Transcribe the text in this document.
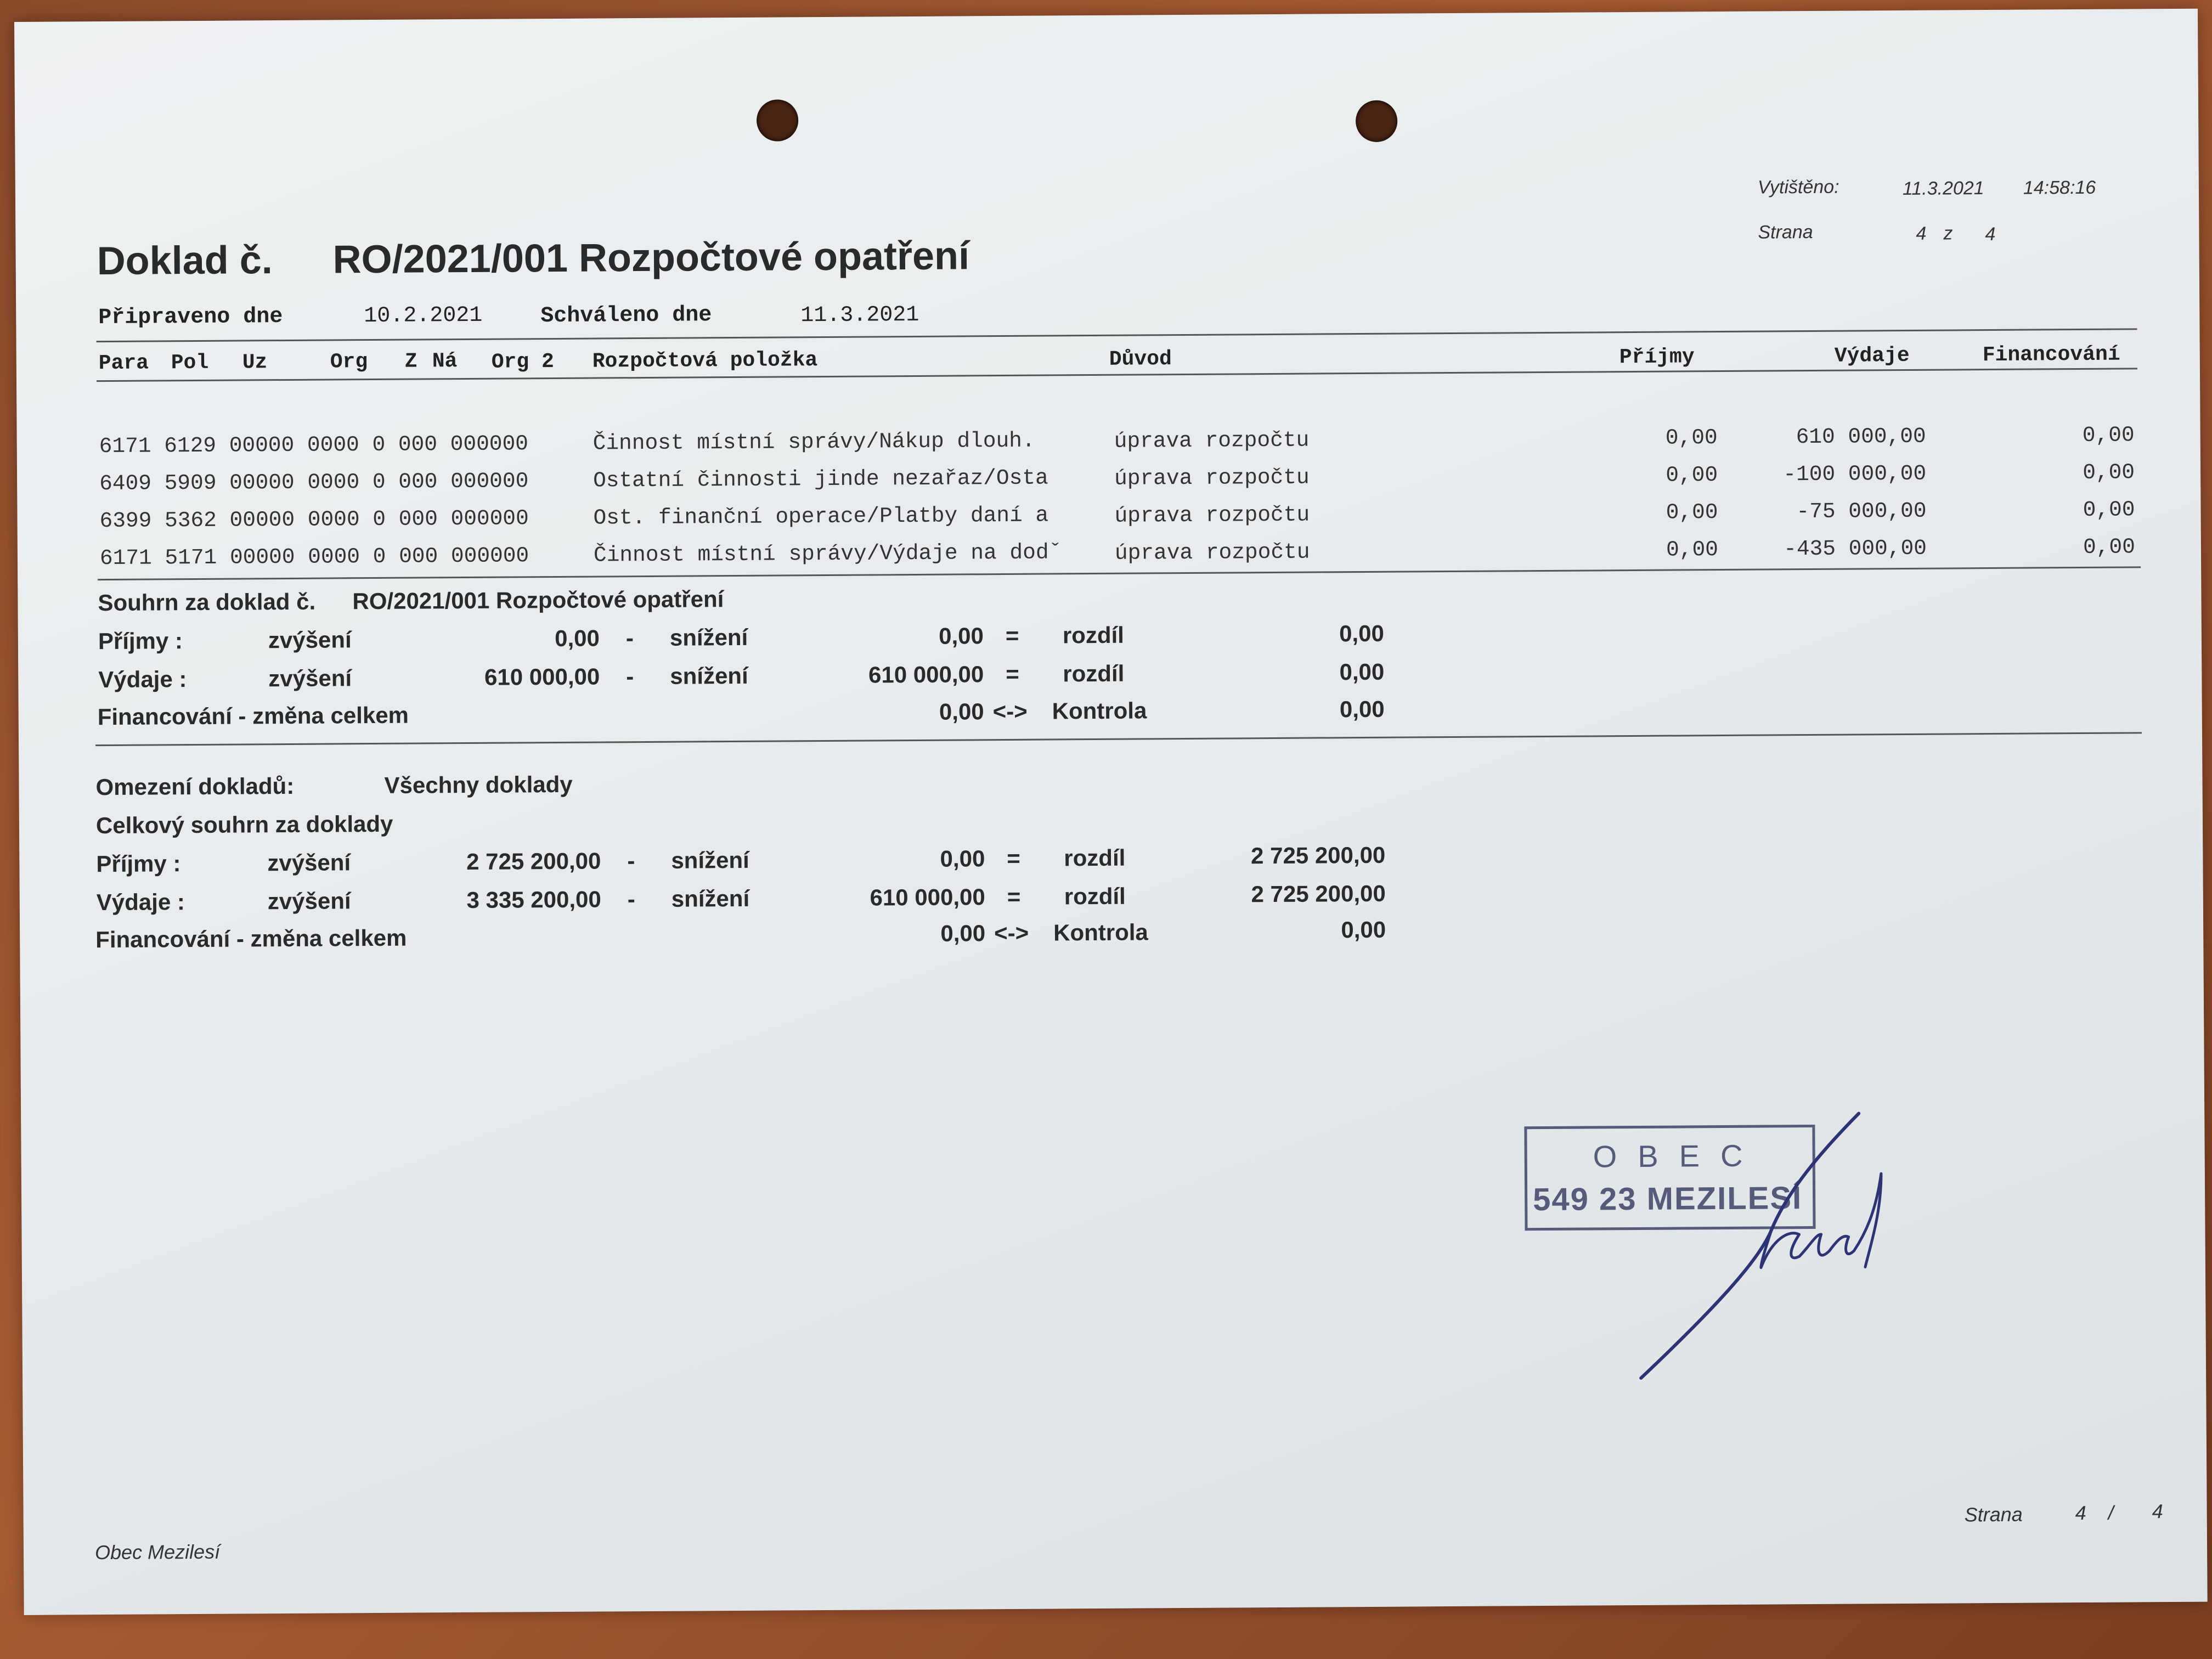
Vytištěno:	11.3.2021 14:58:16
Strana	4 z 4
Doklad č. RO/2021/001 Rozpočtové opatření
Připraveno dne	10.2.2021	Schváleno dne	11.3.2021
Para Pol Uz	Org Z Ná Org 2 Rozpočtová položka	Důvod	Příjmy	Výdaje	Financování
6171 6129 00000 0000 0 000 000000	Činnost místní správy/Nákup dlouh.	úprava rozpočtu	0,00	610 000,00	0,00
6409 5909 00000 0000 0 000 000000	Ostatní činnosti jinde nezařaz/Osta	úprava rozpočtu	0,00	-100 000,00	0,00
6399 5362 00000 0000 0 000 000000	Ost. finanční operace/Platby daní a	úprava rozpočtu	0,00	-75 000,00	0,00
6171 5171 00000 0000 0 000 000000	Činnost místní správy/Výdaje na dodˇ úprava rozpočtu	0,00	-435 000,00	0,00
Souhrn za doklad č. RO/2021/001 Rozpočtové opatření
Příjmy :	zvýšení	0,00 - snížení	0,00 = rozdíl	0,00
Výdaje :	zvýšení	610 000,00 - snížení	610 000,00 = rozdíl	0,00
Financování - změna celkem	0,00 <-> Kontrola	0,00
Omezení dokladů:	Všechny doklady
Celkový souhrn za doklady
Příjmy :	zvýšení	2 725 200,00 - snížení	0,00 = rozdíl	2 725 200,00
Výdaje :	zvýšení	3 335 200,00 - snížení	610 000,00 = rozdíl	2 725 200,00
Financování - změna celkem	0,00 <-> Kontrola	0,00
OBEC
549 23 MEZILESÍ
Obec Mezilesí
Strana	4 / 4
